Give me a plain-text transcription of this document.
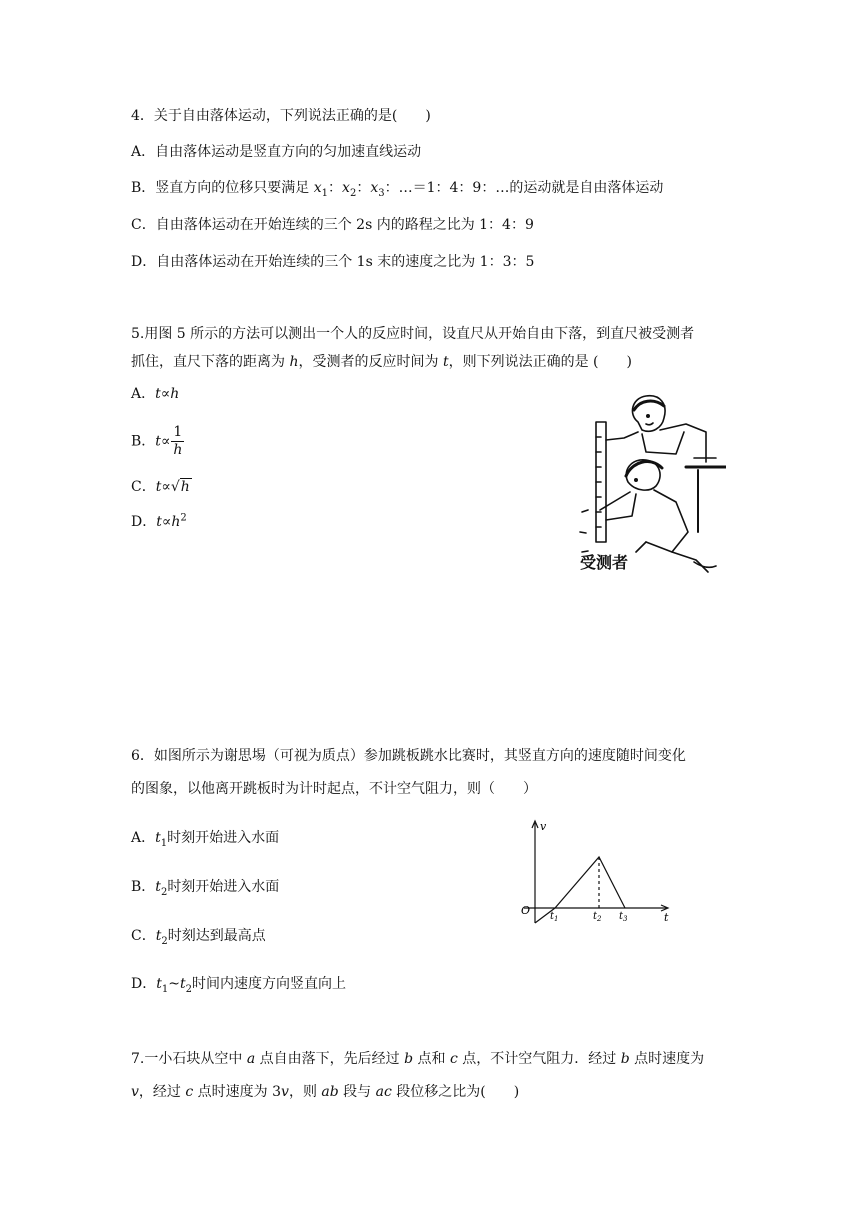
4．关于自由落体运动，下列说法正确的是(　　)
A．自由落体运动是竖直方向的匀加速直线运动
B．竖直方向的位移只要满足 $x_1$：$x_2$：$x_3$：…＝1：4：9：…的运动就是自由落体运动
C．自由落体运动在开始连续的三个 2s 内的路程之比为 1：4：9
D．自由落体运动在开始连续的三个 1s 末的速度之比为 1：3：5
5.用图 5 所示的方法可以测出一个人的反应时间，设直尺从开始自由下落，到直尺被受测者
抓住，直尺下落的距离为 h，受测者的反应时间为 t，则下列说法正确的是 (　　)
A．t∝h
B．$t\propto \frac{1}{h}$
C．t∝√h
D．$t\propto h^2$
受测者
6．如图所示为谢思埸（可视为质点）参加跳板跳水比赛时，其竖直方向的速度随时间变化
的图象，以他离开跳板时为计时起点，不计空气阻力，则（　　）
A．$t_1$时刻开始进入水面
B．$t_2$时刻开始进入水面
C．$t_2$时刻达到最高点
D．$t_1\sim t_2$时间内速度方向竖直向上
v
t
O $t_1$	$t_2$ $t_3$
7.一小石块从空中 a 点自由落下，先后经过 b 点和 c 点，不计空气阻力．经过 b 点时速度为
v，经过 c 点时速度为 3v，则 ab 段与 ac 段位移之比为(　　)
